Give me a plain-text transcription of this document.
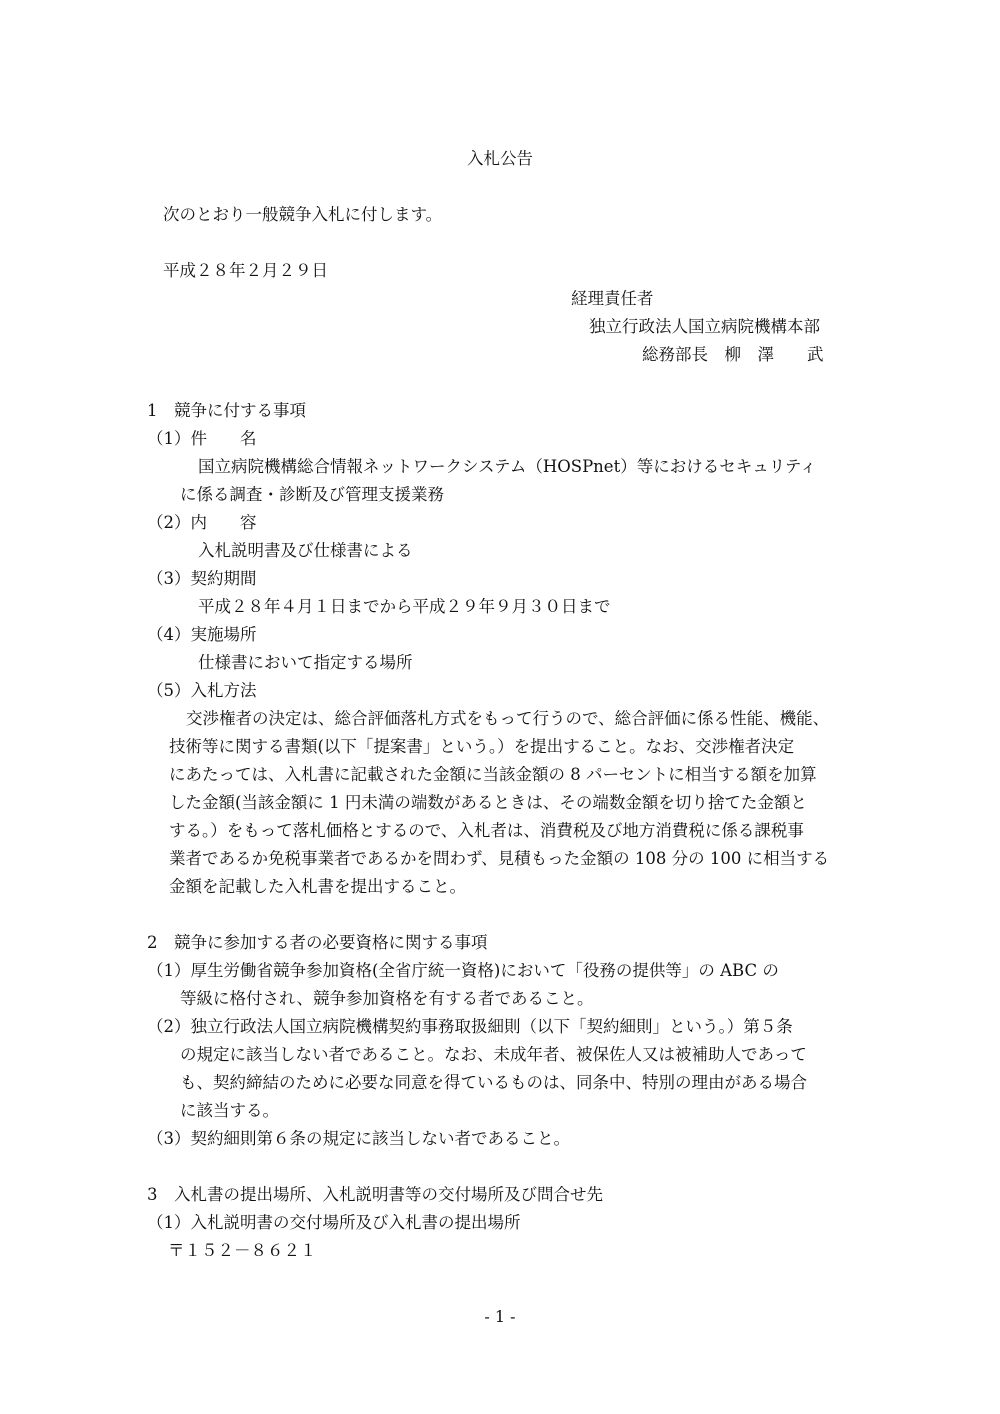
入札公告
次のとおり一般競争入札に付します。
平成２８年２月２９日
経理責任者
独立行政法人国立病院機構本部
総務部長　柳　澤　　武
1　競争に付する事項
（1）件　　名
国立病院機構総合情報ネットワークシステム（HOSPnet）等におけるセキュリティ
に係る調査・診断及び管理支援業務
（2）内　　容
入札説明書及び仕様書による
（3）契約期間
平成２８年４月１日までから平成２９年９月３０日まで
（4）実施場所
仕様書において指定する場所
（5）入札方法
交渉権者の決定は、総合評価落札方式をもって行うので、総合評価に係る性能、機能、
技術等に関する書類(以下「提案書」という。）を提出すること。なお、交渉権者決定
にあたっては、入札書に記載された金額に当該金額の 8 パーセントに相当する額を加算
した金額(当該金額に 1 円未満の端数があるときは、その端数金額を切り捨てた金額と
する。）をもって落札価格とするので、入札者は、消費税及び地方消費税に係る課税事
業者であるか免税事業者であるかを問わず、見積もった金額の 108 分の 100 に相当する
金額を記載した入札書を提出すること。
2　競争に参加する者の必要資格に関する事項
（1）厚生労働省競争参加資格(全省庁統一資格)において「役務の提供等」の ABC の
等級に格付され、競争参加資格を有する者であること。
（2）独立行政法人国立病院機構契約事務取扱細則（以下「契約細則」という。）第５条
の規定に該当しない者であること。なお、未成年者、被保佐人又は被補助人であって
も、契約締結のために必要な同意を得ているものは、同条中、特別の理由がある場合
に該当する。
（3）契約細則第６条の規定に該当しない者であること。
3　入札書の提出場所、入札説明書等の交付場所及び問合せ先
（1）入札説明書の交付場所及び入札書の提出場所
〒１５２－８６２１
- 1 -
